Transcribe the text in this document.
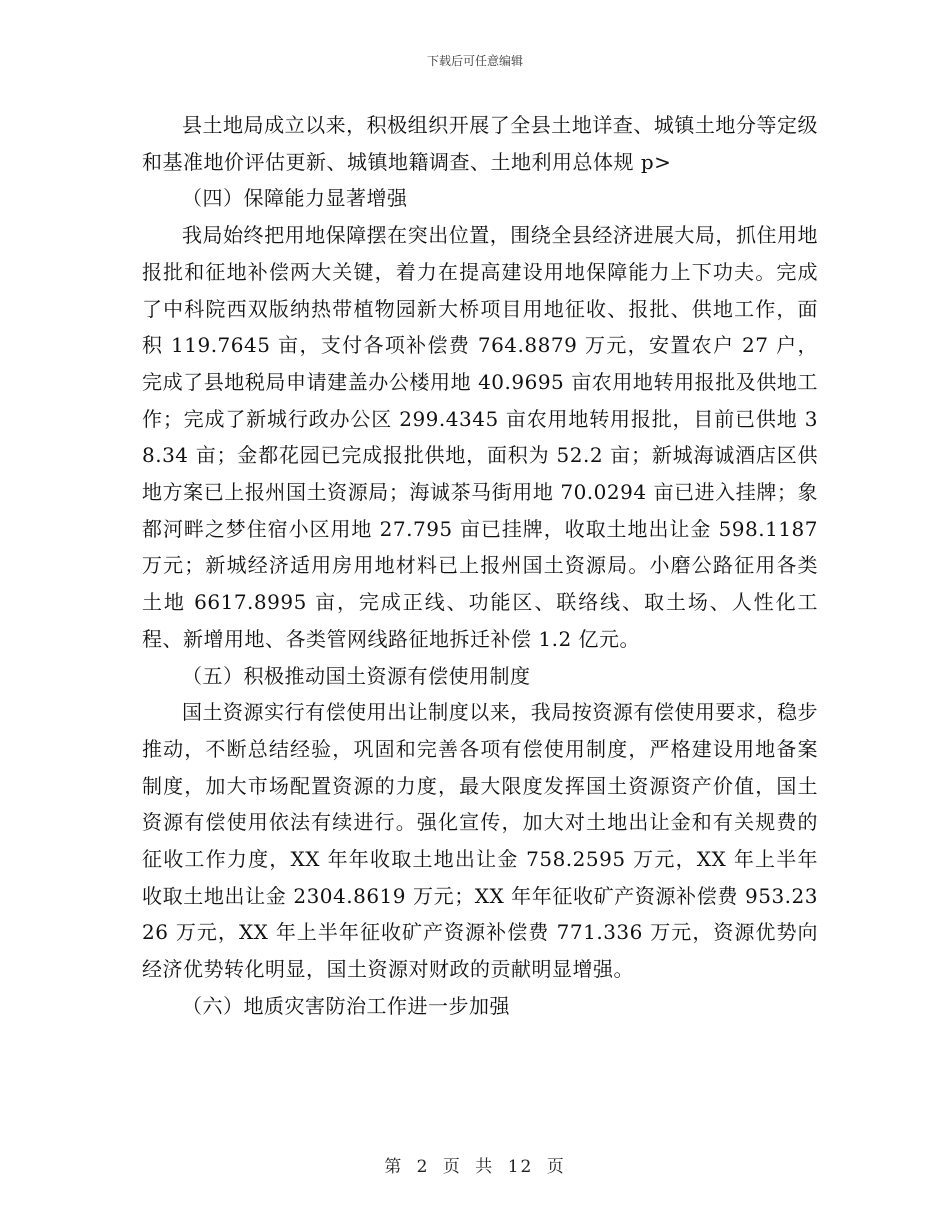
下载后可任意编辑

县土地局成立以来，积极组织开展了全县土地详查、城镇土地分等定级和基准地价评估更新、城镇地籍调查、土地利用总体规 p>

（四）保障能力显著增强

我局始终把用地保障摆在突出位置，围绕全县经济进展大局，抓住用地报批和征地补偿两大关键，着力在提高建设用地保障能力上下功夫。完成了中科院西双版纳热带植物园新大桥项目用地征收、报批、供地工作，面积 119.7645 亩，支付各项补偿费 764.8879 万元，安置农户 27 户，完成了县地税局申请建盖办公楼用地 40.9695 亩农用地转用报批及供地工作；完成了新城行政办公区 299.4345 亩农用地转用报批，目前已供地 38.34 亩；金都花园已完成报批供地，面积为 52.2 亩；新城海诚酒店区供地方案已上报州国土资源局；海诚茶马街用地 70.0294 亩已进入挂牌；象都河畔之梦住宿小区用地 27.795 亩已挂牌，收取土地出让金 598.1187 万元；新城经济适用房用地材料已上报州国土资源局。小磨公路征用各类土地 6617.8995 亩，完成正线、功能区、联络线、取土场、人性化工程、新增用地、各类管网线路征地拆迁补偿 1.2 亿元。

（五）积极推动国土资源有偿使用制度

国土资源实行有偿使用出让制度以来，我局按资源有偿使用要求，稳步推动，不断总结经验，巩固和完善各项有偿使用制度，严格建设用地备案制度，加大市场配置资源的力度，最大限度发挥国土资源资产价值，国土资源有偿使用依法有续进行。强化宣传，加大对土地出让金和有关规费的征收工作力度，XX 年年收取土地出让金 758.2595 万元，XX 年上半年收取土地出让金 2304.8619 万元；XX 年年征收矿产资源补偿费 953.2326 万元，XX 年上半年征收矿产资源补偿费 771.336 万元，资源优势向经济优势转化明显，国土资源对财政的贡献明显增强。

（六）地质灾害防治工作进一步加强

第 2 页 共 12 页
